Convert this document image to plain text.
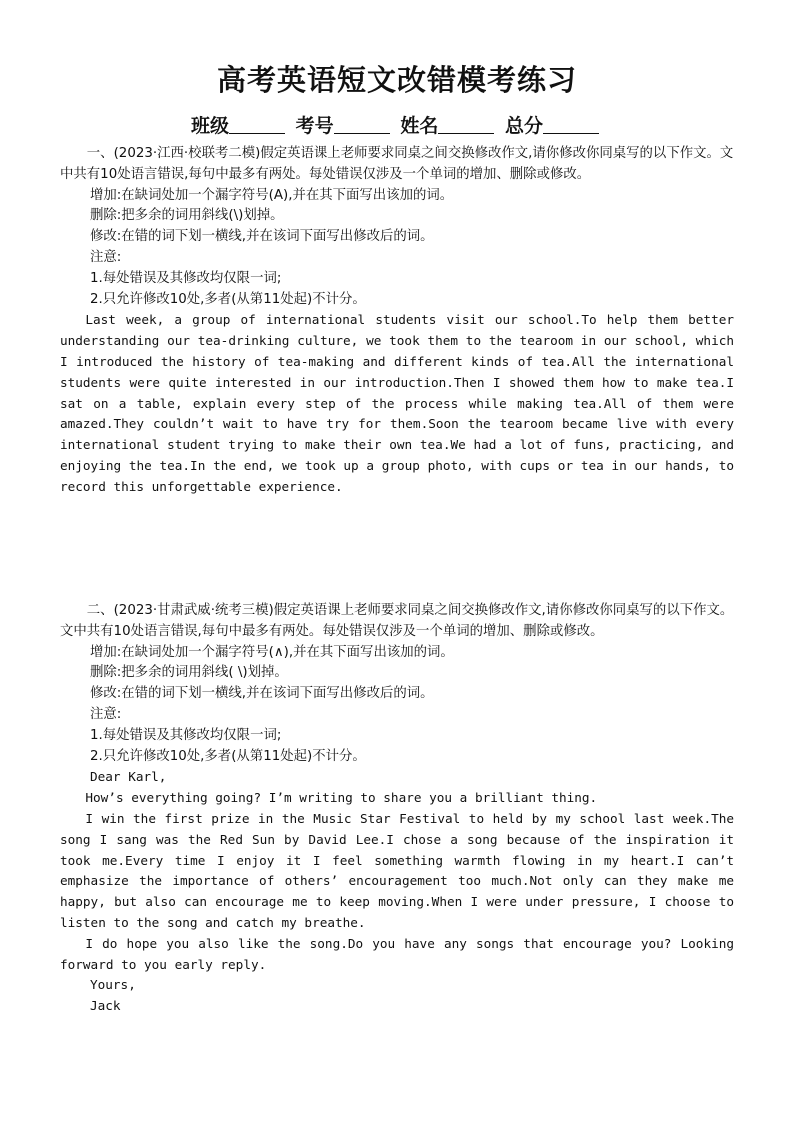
高考英语短文改错模考练习
班级	考号	姓名	总分

一、(2023·江西·校联考二模)假定英语课上老师要求同桌之间交换修改作文,请你修改你同桌写的以下作文。文中共有10处语言错误,每句中最多有两处。每处错误仅涉及一个单词的增加、删除或修改。

增加:在缺词处加一个漏字符号(A),并在其下面写出该加的词。

删除:把多余的词用斜线(\)划掉。

修改:在错的词下划一横线,并在该词下面写出修改后的词。

注意:

1.每处错误及其修改均仅限一词;

2.只允许修改10处,多者(从第11处起)不计分。

Last week, a group of international students visit our school.To help them better understanding our tea-drinking culture, we took them to the tearoom in our school, which I introduced the history of tea-making and different kinds of tea.All the international students were quite interested in our introduction.Then I showed them how to make tea.I sat on a table, explain every step of the process while making tea.All of them were amazed.They couldn’t wait to have try for them.Soon the tearoom became live with every international student trying to make their own tea.We had a lot of funs, practicing, and enjoying the tea.In the end, we took up a group photo, with cups or tea in our hands, to record this unforgettable experience.

二、(2023·甘肃武威·统考三模)假定英语课上老师要求同桌之间交换修改作文,请你修改你同桌写的以下作文。文中共有10处语言错误,每句中最多有两处。每处错误仅涉及一个单词的增加、删除或修改。

增加:在缺词处加一个漏字符号(∧),并在其下面写出该加的词。

删除:把多余的词用斜线( \)划掉。

修改:在错的词下划一横线,并在该词下面写出修改后的词。

注意:

1.每处错误及其修改均仅限一词;

2.只允许修改10处,多者(从第11处起)不计分。

Dear Karl,

How’s everything going? I’m writing to share you a brilliant thing.

I win the first prize in the Music Star Festival to held by my school last week.The song I sang was the Red Sun by David Lee.I chose a song because of the inspiration it took me.Every time I enjoy it I feel something warmth flowing in my heart.I can’t emphasize the importance of others’ encouragement too much.Not only can they make me happy, but also can encourage me to keep moving.When I were under pressure, I choose to listen to the song and catch my breathe.

I do hope you also like the song.Do you have any songs that encourage you? Looking forward to you early reply.

Yours,

Jack
